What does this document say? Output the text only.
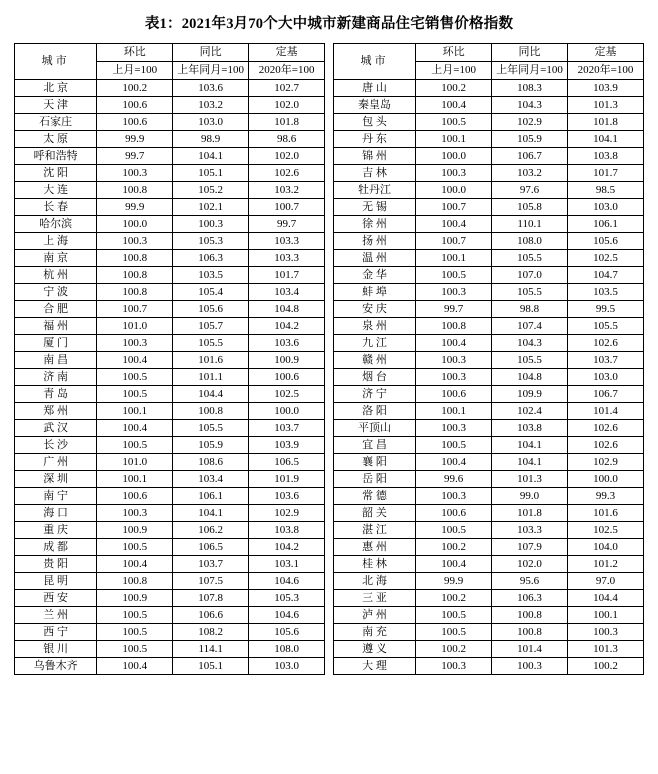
表1：2021年3月70个大中城市新建商品住宅销售价格指数
城市	环比	同比	定基
	上月=100	上年同月=100	2020年=100
北 京	100.2	103.6	102.7
天 津	100.6	103.2	102.0
石家庄	100.6	103.0	101.8
太 原	99.9	98.9	98.6
呼和浩特	99.7	104.1	102.0
沈 阳	100.3	105.1	102.6
大 连	100.8	105.2	103.2
长 春	99.9	102.1	100.7
哈尔滨	100.0	100.3	99.7
上 海	100.3	105.3	103.3
南 京	100.8	106.3	103.3
杭 州	100.8	103.5	101.7
宁 波	100.8	105.4	103.4
合 肥	100.7	105.6	104.8
福 州	101.0	105.7	104.2
厦 门	100.3	105.5	103.6
南 昌	100.4	101.6	100.9
济 南	100.5	101.1	100.6
青 岛	100.5	104.4	102.5
郑 州	100.1	100.8	100.0
武 汉	100.4	105.5	103.7
长 沙	100.5	105.9	103.9
广 州	101.0	108.6	106.5
深 圳	100.1	103.4	101.9
南 宁	100.6	106.1	103.6
海 口	100.3	104.1	102.9
重 庆	100.9	106.2	103.8
成 都	100.5	106.5	104.2
贵 阳	100.4	103.7	103.1
昆 明	100.8	107.5	104.6
西 安	100.9	107.8	105.3
兰 州	100.5	106.6	104.6
西 宁	100.5	108.2	105.6
银 川	100.5	114.1	108.0
乌鲁木齐	100.4	105.1	103.0
城市	环比	同比	定基
	上月=100	上年同月=100	2020年=100
唐 山	100.2	108.3	103.9
秦皇岛	100.4	104.3	101.3
包 头	100.5	102.9	101.8
丹 东	100.1	105.9	104.1
锦 州	100.0	106.7	103.8
吉 林	100.3	103.2	101.7
牡丹江	100.0	97.6	98.5
无 锡	100.7	105.8	103.0
徐 州	100.4	110.1	106.1
扬 州	100.7	108.0	105.6
温 州	100.1	105.5	102.5
金 华	100.5	107.0	104.7
蚌 埠	100.3	105.5	103.5
安 庆	99.7	98.8	99.5
泉 州	100.8	107.4	105.5
九 江	100.4	104.3	102.6
赣 州	100.3	105.5	103.7
烟 台	100.3	104.8	103.0
济 宁	100.6	109.9	106.7
洛 阳	100.1	102.4	101.4
平顶山	100.3	103.8	102.6
宜 昌	100.5	104.1	102.6
襄 阳	100.4	104.1	102.9
岳 阳	99.6	101.3	100.0
常 德	100.3	99.0	99.3
韶 关	100.6	101.8	101.6
湛 江	100.5	103.3	102.5
惠 州	100.2	107.9	104.0
桂 林	100.4	102.0	101.2
北 海	99.9	95.6	97.0
三 亚	100.2	106.3	104.4
泸 州	100.5	100.8	100.1
南 充	100.5	100.8	100.3
遵 义	100.2	101.4	101.3
大 理	100.3	100.3	100.2
